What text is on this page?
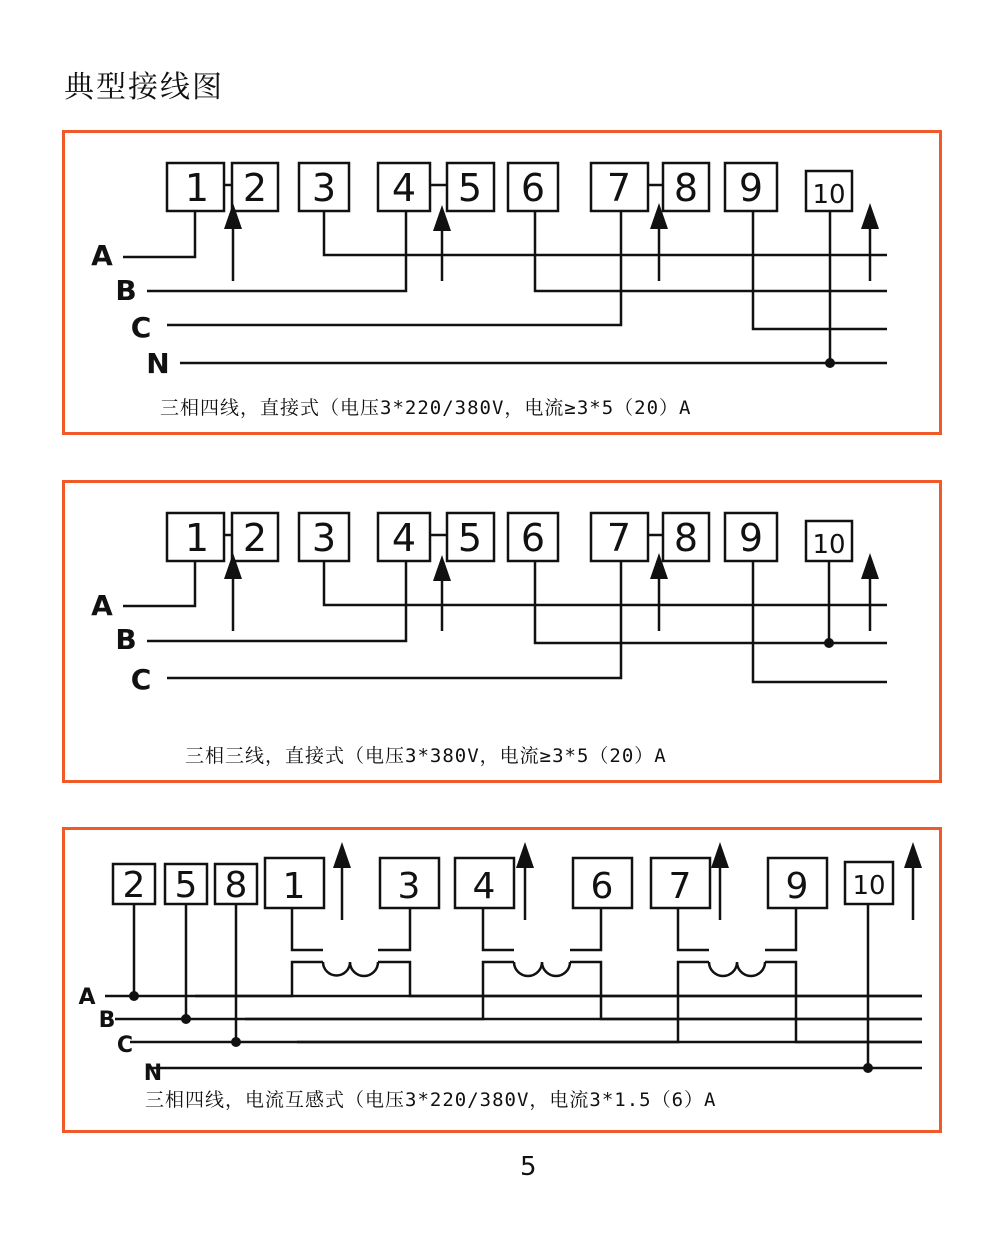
典型接线图
1 2 3 4 5 6 7 8 9 10
A
B
C
N
三相四线，直接式（电压3*220/380V，电流≥3*5（20）A
1 2 3 4 5 6 7 8 9 10
A
B
C
三相三线，直接式（电压3*380V，电流≥3*5（20）A
2 5 8 1	3 4	6 7	9 10
A
B
C
N
三相四线，电流互感式（电压3*220/380V，电流3*1.5（6）A
5
